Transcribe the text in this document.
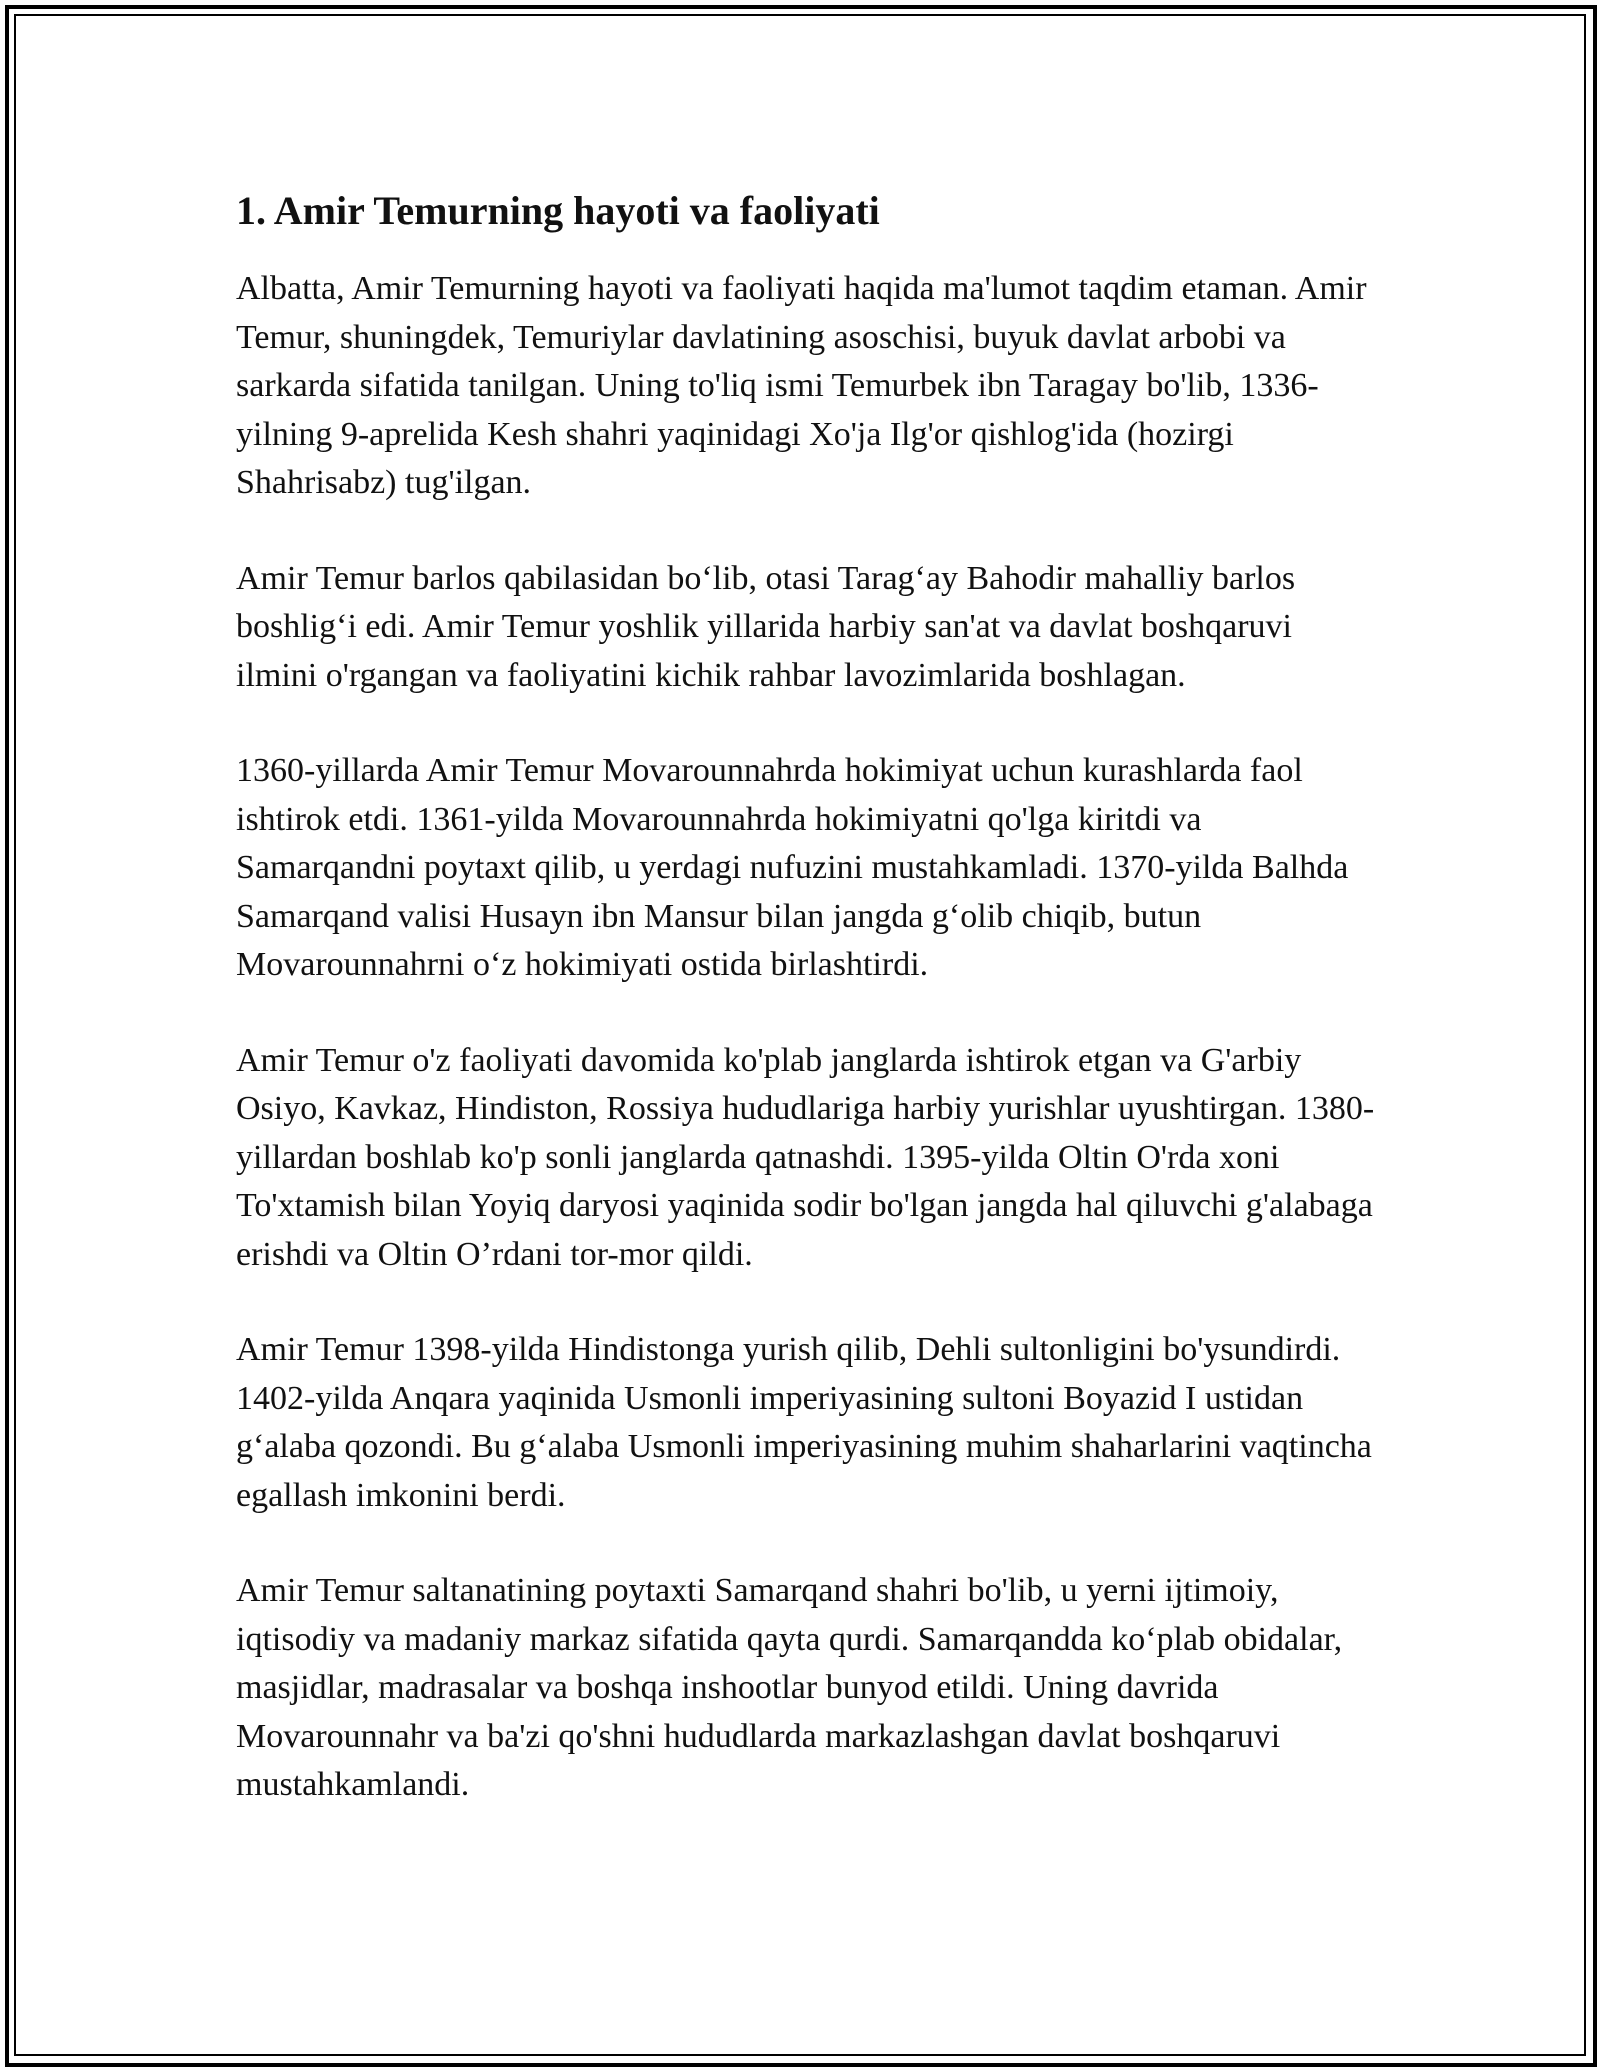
1. Amir Temurning hayoti va faoliyati

Albatta, Amir Temurning hayoti va faoliyati haqida ma'lumot taqdim etaman. Amir Temur, shuningdek, Temuriylar davlatining asoschisi, buyuk davlat arbobi va sarkarda sifatida tanilgan. Uning to'liq ismi Temurbek ibn Taragay bo'lib, 1336-yilning 9-aprelida Kesh shahri yaqinidagi Xo'ja Ilg'or qishlog'ida (hozirgi Shahrisabz) tug'ilgan.

Amir Temur barlos qabilasidan bo‘lib, otasi Tarag‘ay Bahodir mahalliy barlos boshlig‘i edi. Amir Temur yoshlik yillarida harbiy san'at va davlat boshqaruvi ilmini o'rgangan va faoliyatini kichik rahbar lavozimlarida boshlagan.

1360-yillarda Amir Temur Movarounnahrda hokimiyat uchun kurashlarda faol ishtirok etdi. 1361-yilda Movarounnahrda hokimiyatni qo'lga kiritdi va Samarqandni poytaxt qilib, u yerdagi nufuzini mustahkamladi. 1370-yilda Balhda Samarqand valisi Husayn ibn Mansur bilan jangda g‘olib chiqib, butun Movarounnahrni o‘z hokimiyati ostida birlashtirdi.

Amir Temur o'z faoliyati davomida ko'plab janglarda ishtirok etgan va G'arbiy Osiyo, Kavkaz, Hindiston, Rossiya hududlariga harbiy yurishlar uyushtirgan. 1380-yillardan boshlab ko'p sonli janglarda qatnashdi. 1395-yilda Oltin O'rda xoni To'xtamish bilan Yoyiq daryosi yaqinida sodir bo'lgan jangda hal qiluvchi g'alabaga erishdi va Oltin O’rdani tor-mor qildi.

Amir Temur 1398-yilda Hindistonga yurish qilib, Dehli sultonligini bo'ysundirdi. 1402-yilda Anqara yaqinida Usmonli imperiyasining sultoni Boyazid I ustidan g‘alaba qozondi. Bu g‘alaba Usmonli imperiyasining muhim shaharlarini vaqtincha egallash imkonini berdi.

Amir Temur saltanatining poytaxti Samarqand shahri bo'lib, u yerni ijtimoiy, iqtisodiy va madaniy markaz sifatida qayta qurdi. Samarqandda ko‘plab obidalar, masjidlar, madrasalar va boshqa inshootlar bunyod etildi. Uning davrida Movarounnahr va ba'zi qo'shni hududlarda markazlashgan davlat boshqaruvi mustahkamlandi.
